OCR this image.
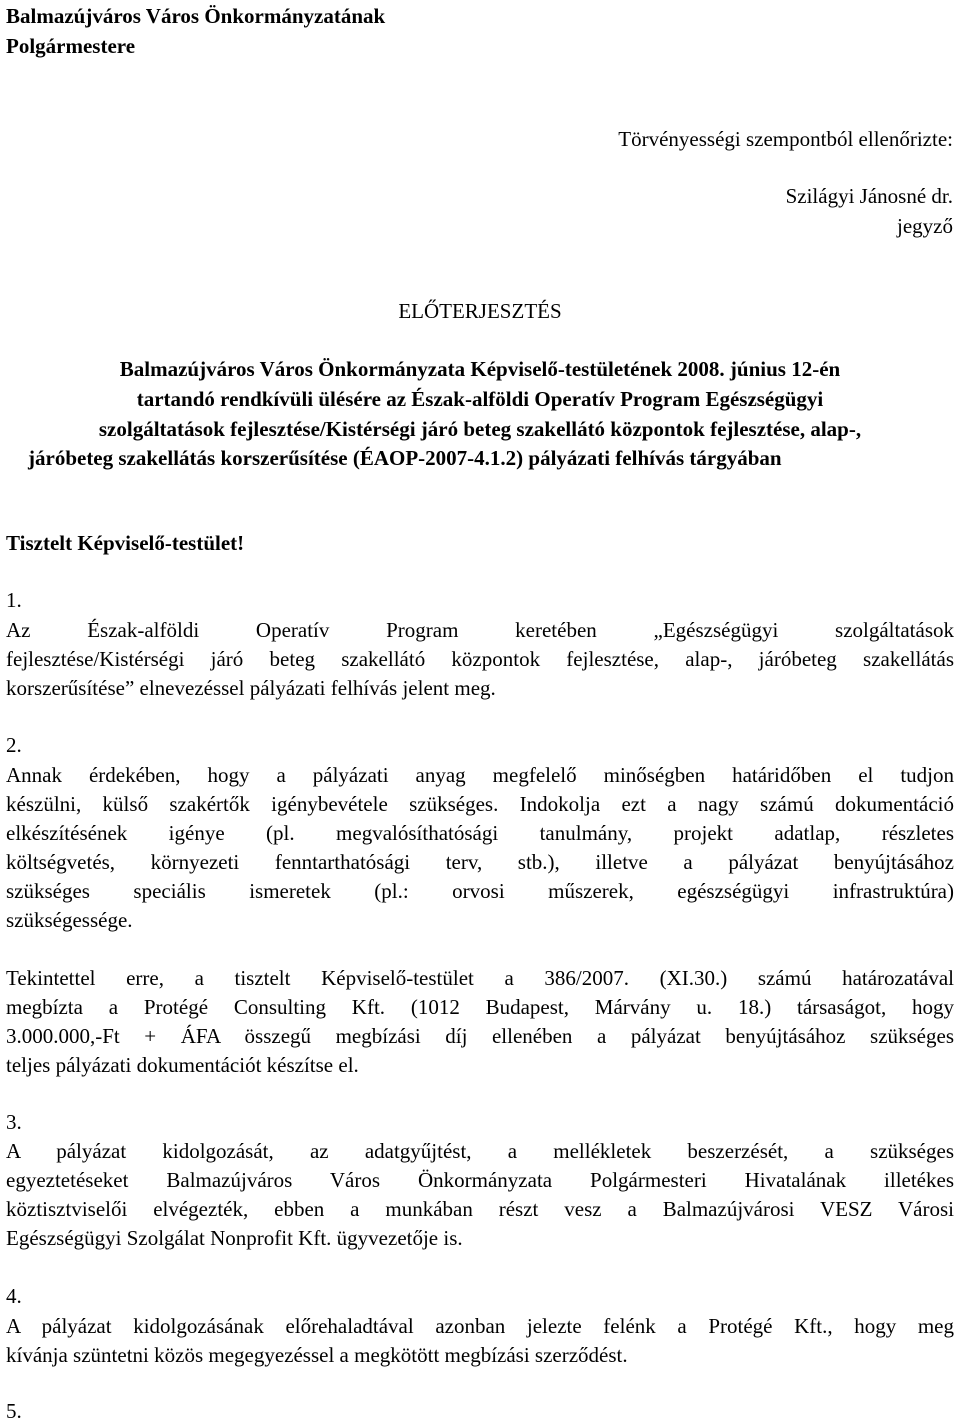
Balmazújváros Város Önkormányzatának
Polgármestere
Törvényességi szempontból ellenőrizte:
Szilágyi Jánosné dr.
jegyző
ELŐTERJESZTÉS
Balmazújváros Város Önkormányzata Képviselő-testületének 2008. június 12-én
tartandó rendkívüli ülésére az Észak-alföldi Operatív Program Egészségügyi
szolgáltatások fejlesztése/Kistérségi járó beteg szakellátó központok fejlesztése, alap-,
járóbeteg szakellátás korszerűsítése (ÉAOP-2007-4.1.2) pályázati felhívás tárgyában
Tisztelt Képviselő-testület!
1.
Az Észak-alföldi Operatív Program keretében „Egészségügyi szolgáltatások
fejlesztése/Kistérségi járó beteg szakellátó központok fejlesztése, alap-, járóbeteg szakellátás
korszerűsítése” elnevezéssel pályázati felhívás jelent meg.
2.
Annak érdekében, hogy a pályázati anyag megfelelő minőségben határidőben el tudjon
készülni, külső szakértők igénybevétele szükséges. Indokolja ezt a nagy számú dokumentáció
elkészítésének igénye (pl. megvalósíthatósági tanulmány, projekt adatlap, részletes
költségvetés, környezeti fenntarthatósági terv, stb.), illetve a pályázat benyújtásához
szükséges speciális ismeretek (pl.: orvosi műszerek, egészségügyi infrastruktúra)
szükségessége.
Tekintettel erre, a tisztelt Képviselő-testület a 386/2007. (XI.30.) számú határozatával
megbízta a Protégé Consulting Kft. (1012 Budapest, Márvány u. 18.) társaságot, hogy
3.000.000,-Ft + ÁFA összegű megbízási díj ellenében a pályázat benyújtásához szükséges
teljes pályázati dokumentációt készítse el.
3.
A pályázat kidolgozását, az adatgyűjtést, a mellékletek beszerzését, a szükséges
egyeztetéseket Balmazújváros Város Önkormányzata Polgármesteri Hivatalának illetékes
köztisztviselői elvégezték, ebben a munkában részt vesz a Balmazújvárosi VESZ Városi
Egészségügyi Szolgálat Nonprofit Kft. ügyvezetője is.
4.
A pályázat kidolgozásának előrehaladtával azonban jelezte felénk a Protégé Kft., hogy meg
kívánja szüntetni közös megegyezéssel a megkötött megbízási szerződést.
5.
